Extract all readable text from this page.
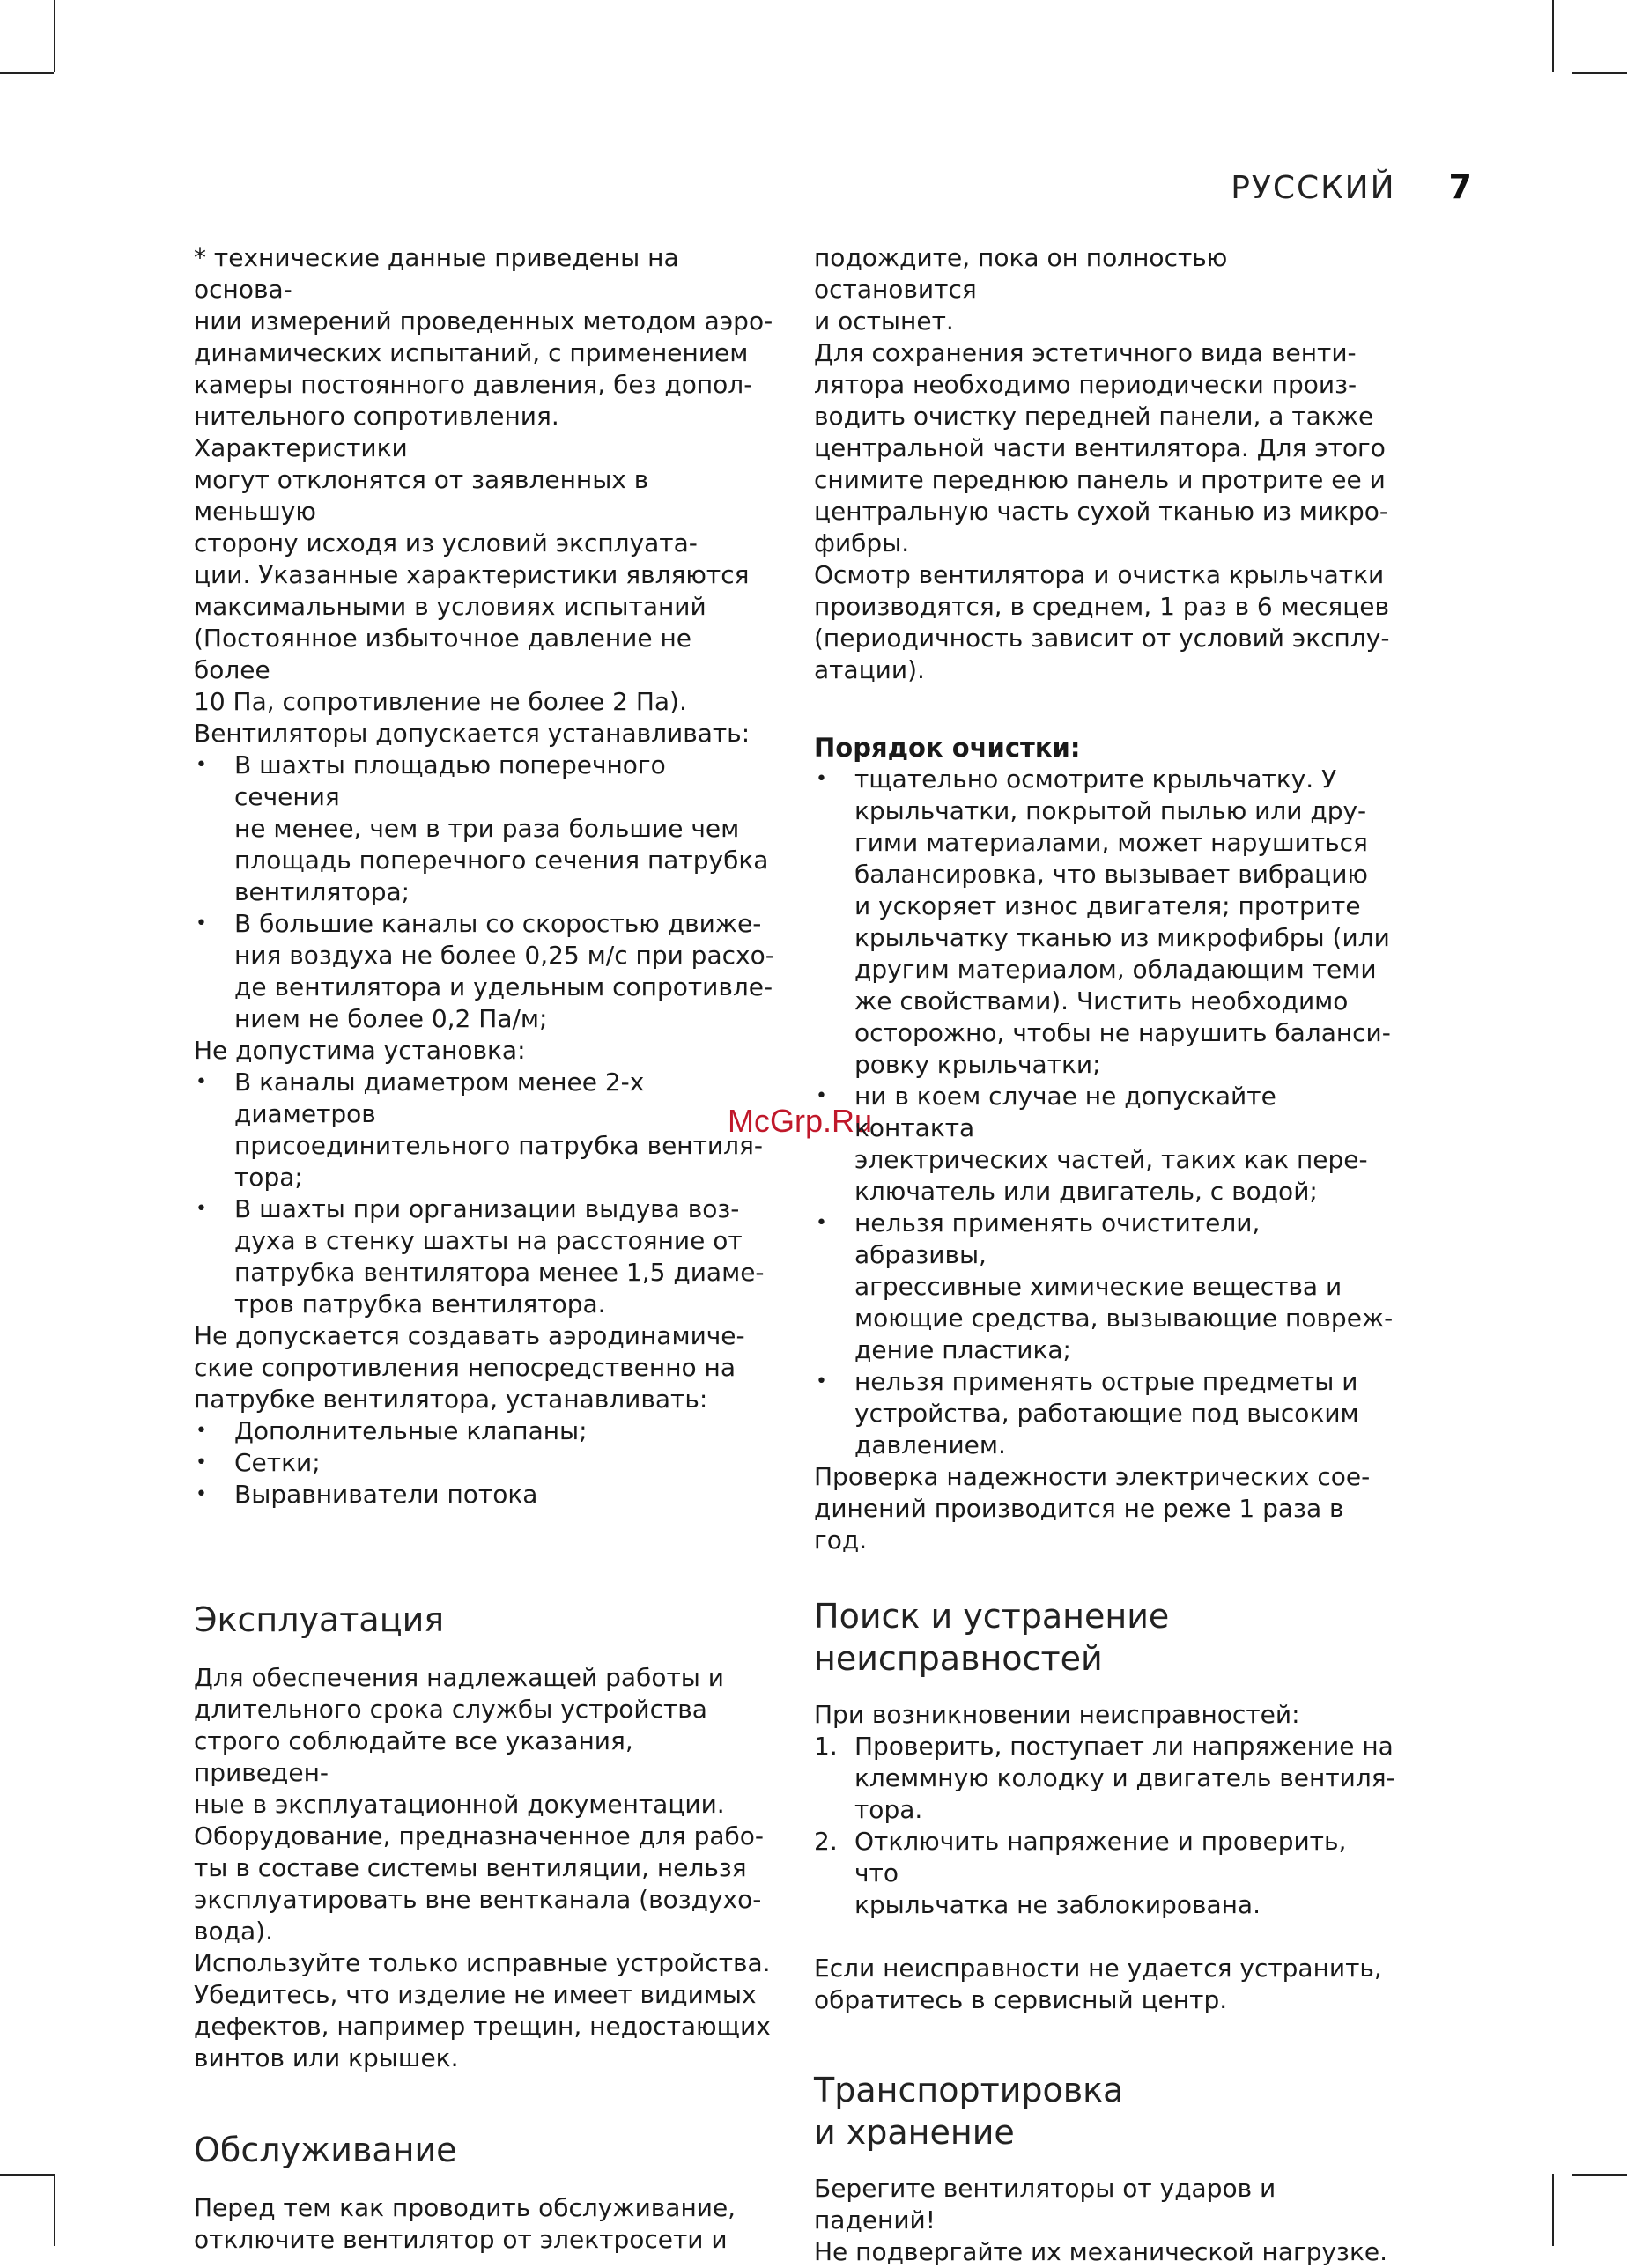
РУССКИЙ 7
McGrp.Ru

* технические данные приведены на основа-

нии измерений проведенных методом аэро-

динамических испытаний, с применением

камеры постоянного давления, без допол-

нительного сопротивления. Характеристики

могут отклонятся от заявленных в меньшую

сторону исходя из условий эксплуата-

ции. Указанные характеристики являются

максимальными в условиях испытаний

(Постоянное избыточное давление не более

10 Па, сопротивление не более 2 Па).

Вентиляторы допускается устанавливать:

• В шахты площадью поперечного сечения

не менее, чем в три раза большие чем

площадь поперечного сечения патрубка

вентилятора;

• В большие каналы со скоростью движе-

ния воздуха не более 0,25 м/с при расхо-

де вентилятора и удельным сопротивле-

нием не более 0,2 Па/м;

Не допустима установка:

• В каналы диаметром менее 2-х диаметров

присоединительного патрубка вентиля-

тора;

• В шахты при организации выдува воз-

духа в стенку шахты на расстояние от

патрубка вентилятора менее 1,5 диаме-

тров патрубка вентилятора.

Не допускается создавать аэродинамиче-

ские сопротивления непосредственно на

патрубке вентилятора, устанавливать:

• Дополнительные клапаны;

• Сетки;

• Выравниватели потока

Эксплуатация

Для обеспечения надлежащей работы и

длительного срока службы устройства

строго соблюдайте все указания, приведен-

ные в эксплуатационной документации.

Оборудование, предназначенное для рабо-

ты в составе системы вентиляции, нельзя

эксплуатировать вне вентканала (воздухо-

вода).

Используйте только исправные устройства.

Убедитесь, что изделие не имеет видимых

дефектов, например трещин, недостающих

винтов или крышек.

Обслуживание

Перед тем как проводить обслуживание,

отключите вентилятор от электросети и

подождите, пока он полностью остановится

и остынет.

Для сохранения эстетичного вида венти-

лятора необходимо периодически произ-

водить очистку передней панели, а также

центральной части вентилятора. Для этого

снимите переднюю панель и протрите ее и

центральную часть сухой тканью из микро-

фибры.

Осмотр вентилятора и очистка крыльчатки

производятся, в среднем, 1 раз в 6 месяцев

(периодичность зависит от условий эксплу-

атации).

Порядок очистки:

• тщательно осмотрите крыльчатку. У

крыльчатки, покрытой пылью или дру-

гими материалами, может нарушиться

балансировка, что вызывает вибрацию

и ускоряет износ двигателя; протрите

крыльчатку тканью из микрофибры (или

другим материалом, обладающим теми

же свойствами). Чистить необходимо

осторожно, чтобы не нарушить баланси-

ровку крыльчатки;

• ни в коем случае не допускайте контакта

электрических частей, таких как пере-

ключатель или двигатель, с водой;

• нельзя применять очистители, абразивы,

агрессивные химические вещества и

моющие средства, вызывающие повреж-

дение пластика;

• нельзя применять острые предметы и

устройства, работающие под высоким

давлением.

Проверка надежности электрических сое-

динений производится не реже 1 раза в год.

Поиск и устранение
неисправностей

При возникновении неисправностей:

1. Проверить, поступает ли напряжение на

клеммную колодку и двигатель вентиля-

тора.

2. Отключить напряжение и проверить, что

крыльчатка не заблокирована.

Если неисправности не удается устранить,

обратитесь в сервисный центр.

Транспортировка
и хранение

Берегите вентиляторы от ударов и падений!

Не подвергайте их механической нагрузке.
